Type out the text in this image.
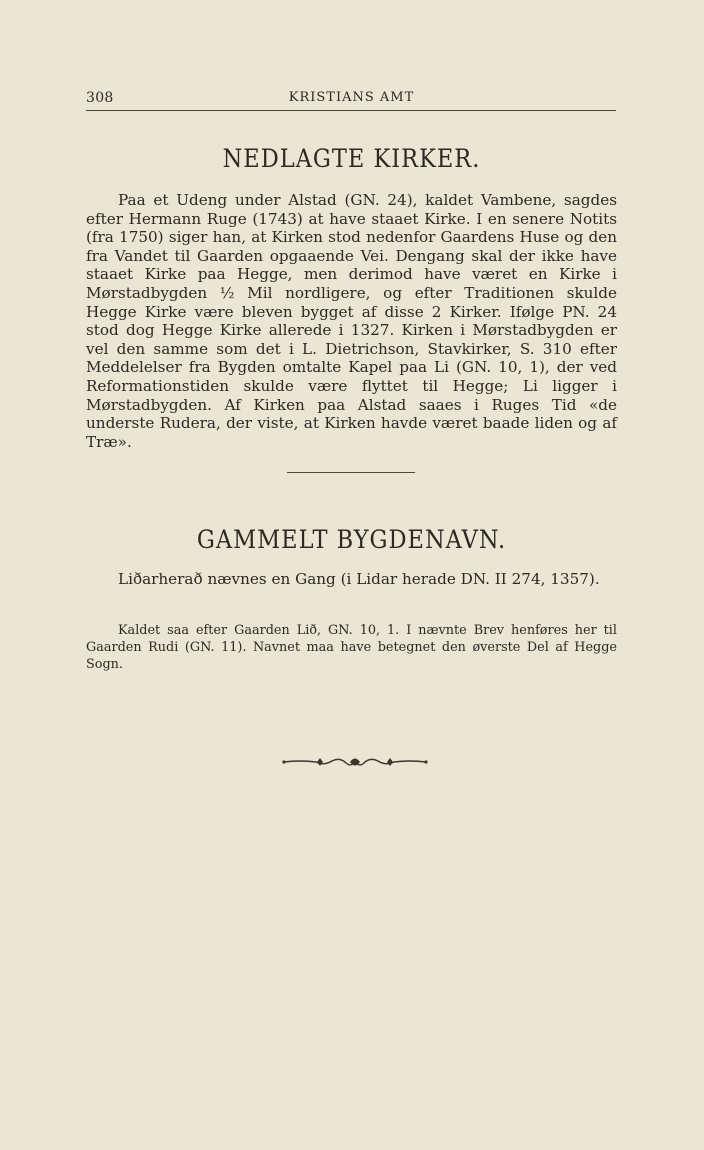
308	KRISTIANS AMT
NEDLAGTE KIRKER.

Paa et Udeng under Alstad (GN. 24), kaldet Vambene, sagdes efter Hermann Ruge (1743) at have staaet Kirke. I en senere Notits (fra 1750) siger han, at Kirken stod nedenfor Gaardens Huse og den fra Vandet til Gaarden opgaaende Vei. Dengang skal der ikke have staaet Kirke paa Hegge, men derimod have været en Kirke i Mørstadbygden ½ Mil nordligere, og efter Traditionen skulde Hegge Kirke være bleven bygget af disse 2 Kirker. Ifølge PN. 24 stod dog Hegge Kirke allerede i 1327. Kirken i Mørstadbygden er vel den samme som det i L. Dietrichson, Stavkirker, S. 310 efter Meddelelser fra Bygden omtalte Kapel paa Li (GN. 10, 1), der ved Reformationstiden skulde være flyttet til Hegge; Li ligger i Mørstadbygden. Af Kirken paa Alstad saaes i Ruges Tid «de underste Rudera, der viste, at Kirken havde været baade liden og af Træ».

GAMMELT BYGDENAVN.

Liðarherað nævnes en Gang (i Lidar herade DN. II 274, 1357).

Kaldet saa efter Gaarden Lið, GN. 10, 1. I nævnte Brev henføres her til Gaarden Rudi (GN. 11). Navnet maa have betegnet den øverste Del af Hegge Sogn.
